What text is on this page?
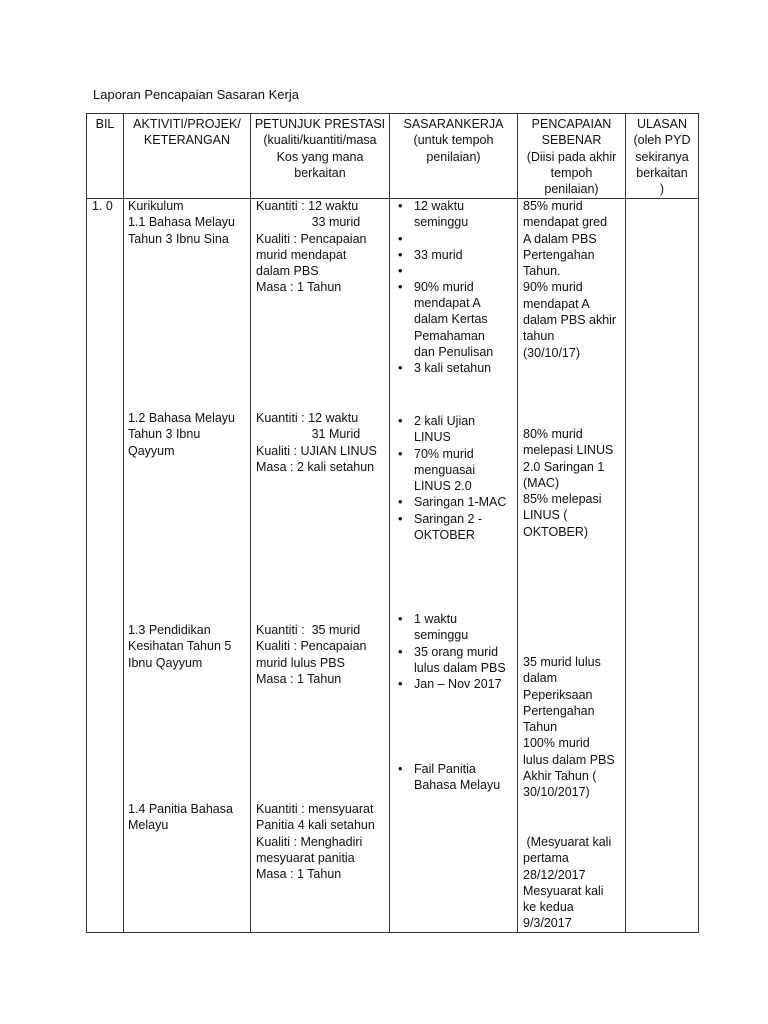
Laporan Pencapaian Sasaran Kerja
BIL	AKTIVITI/PROJEK/
KETERANGAN
PETUNJUK PRESTASI
(kualiti/kuantiti/masa
Kos yang mana
berkaitan
SASARANKERJA
(untuk tempoh
penilaian)
PENCAPAIAN
SEBENAR
(Diisi pada akhir
tempoh
penilaian)
ULASAN
(oleh PYD
sekiranya
berkaitan
)
1. 0 Kurikulum
1.1 Bahasa Melayu
Tahun 3 Ibnu Sina
Kuantiti : 12 waktu
33 murid
Kualiti : Pencapaian
murid mendapat
dalam PBS
Masa : 1 Tahun
• 12 waktu
seminggu
•
• 33 murid
•
• 90% murid
mendapat A
dalam Kertas
Pemahaman
dan Penulisan
• 3 kali setahun
85% murid
mendapat gred
A dalam PBS
Pertengahan
Tahun.
90% murid
mendapat A
dalam PBS akhir
tahun
(30/10/17)
1.2 Bahasa Melayu
Tahun 3 Ibnu
Qayyum
Kuantiti : 12 waktu
31 Murid
Kualiti : UJIAN LINUS
Masa : 2 kali setahun
• 2 kali Ujian
LINUS
• 70% murid
menguasai
LINUS 2.0
• Saringan 1-MAC
• Saringan 2 -
OKTOBER
80% murid
melepasi LINUS
2.0 Saringan 1
(MAC)
85% melepasi
LINUS (
OKTOBER)
1.3 Pendidikan
Kesihatan Tahun 5
Ibnu Qayyum
Kuantiti :  35 murid
Kualiti : Pencapaian
murid lulus PBS
Masa : 1 Tahun
• 1 waktu
seminggu
• 35 orang murid
lulus dalam PBS
• Jan – Nov 2017
35 murid lulus
dalam
Peperiksaan
Pertengahan
Tahun
100% murid
lulus dalam PBS
Akhir Tahun (
30/10/2017)
• Fail Panitia
Bahasa Melayu
1.4 Panitia Bahasa
Melayu
Kuantiti : mensyuarat
Panitia 4 kali setahun
Kualiti : Menghadiri
mesyuarat panitia
Masa : 1 Tahun
(Mesyuarat kali
pertama
28/12/2017
Mesyuarat kali
ke kedua
9/3/2017
